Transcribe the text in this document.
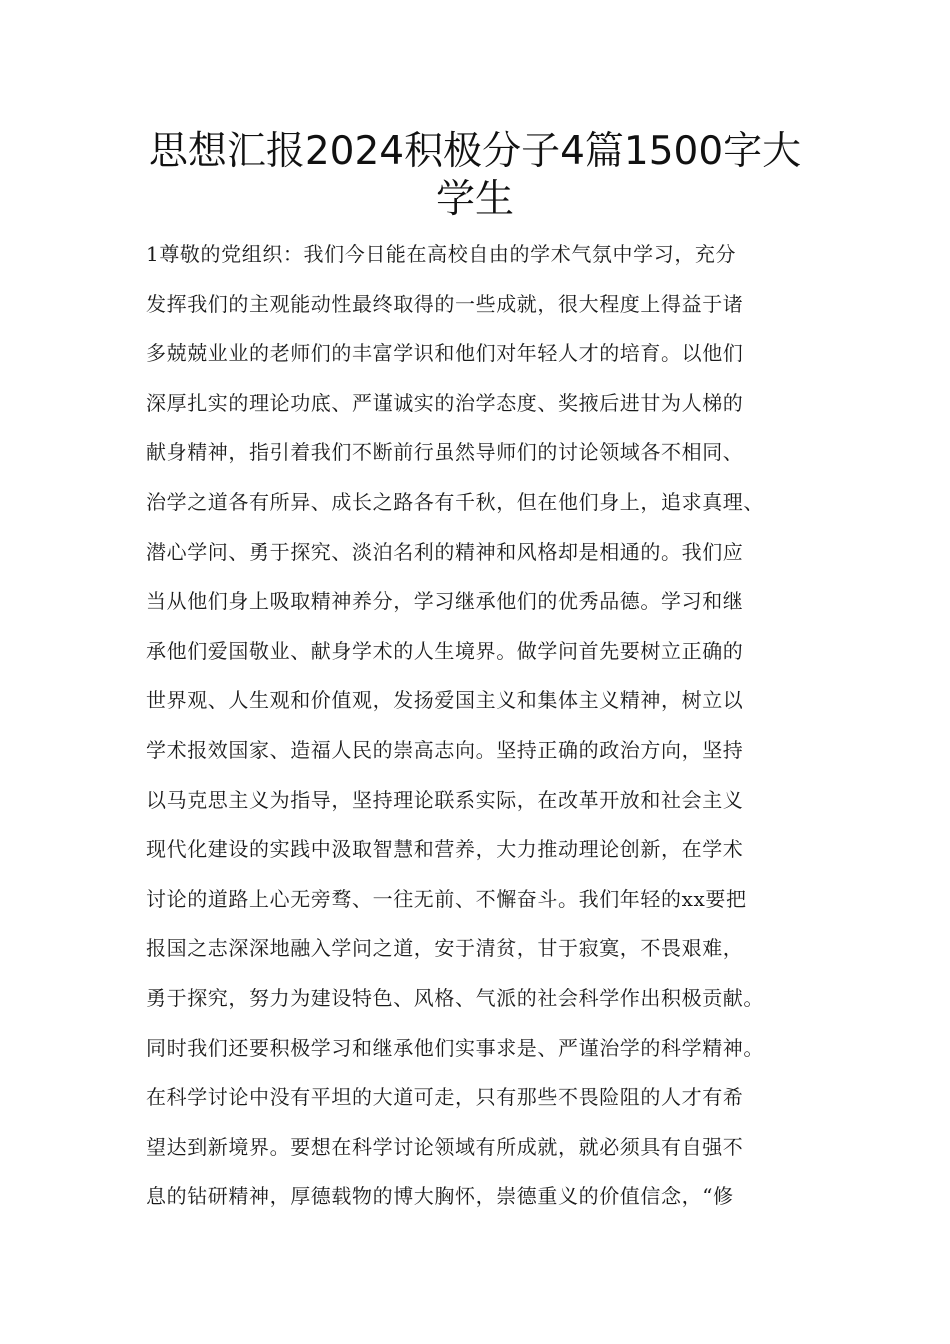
思想汇报2024积极分子4篇1500字大
学生
1尊敬的党组织：我们今日能在高校自由的学术气氛中学习，充分
发挥我们的主观能动性最终取得的一些成就，很大程度上得益于诸
多兢兢业业的老师们的丰富学识和他们对年轻人才的培育。以他们
深厚扎实的理论功底、严谨诚实的治学态度、奖掖后进甘为人梯的
献身精神，指引着我们不断前行虽然导师们的讨论领域各不相同、
治学之道各有所异、成长之路各有千秋，但在他们身上，追求真理、
潜心学问、勇于探究、淡泊名利的精神和风格却是相通的。我们应
当从他们身上吸取精神养分，学习继承他们的优秀品德。学习和继
承他们爱国敬业、献身学术的人生境界。做学问首先要树立正确的
世界观、人生观和价值观，发扬爱国主义和集体主义精神，树立以
学术报效国家、造福人民的崇高志向。坚持正确的政治方向，坚持
以马克思主义为指导，坚持理论联系实际，在改革开放和社会主义
现代化建设的实践中汲取智慧和营养，大力推动理论创新，在学术
讨论的道路上心无旁骛、一往无前、不懈奋斗。我们年轻的xx要把
报国之志深深地融入学问之道，安于清贫，甘于寂寞，不畏艰难，
勇于探究，努力为建设特色、风格、气派的社会科学作出积极贡献。
同时我们还要积极学习和继承他们实事求是、严谨治学的科学精神。
在科学讨论中没有平坦的大道可走，只有那些不畏险阻的人才有希
望达到新境界。要想在科学讨论领域有所成就，就必须具有自强不
息的钻研精神，厚德载物的博大胸怀，崇德重义的价值信念，“修
